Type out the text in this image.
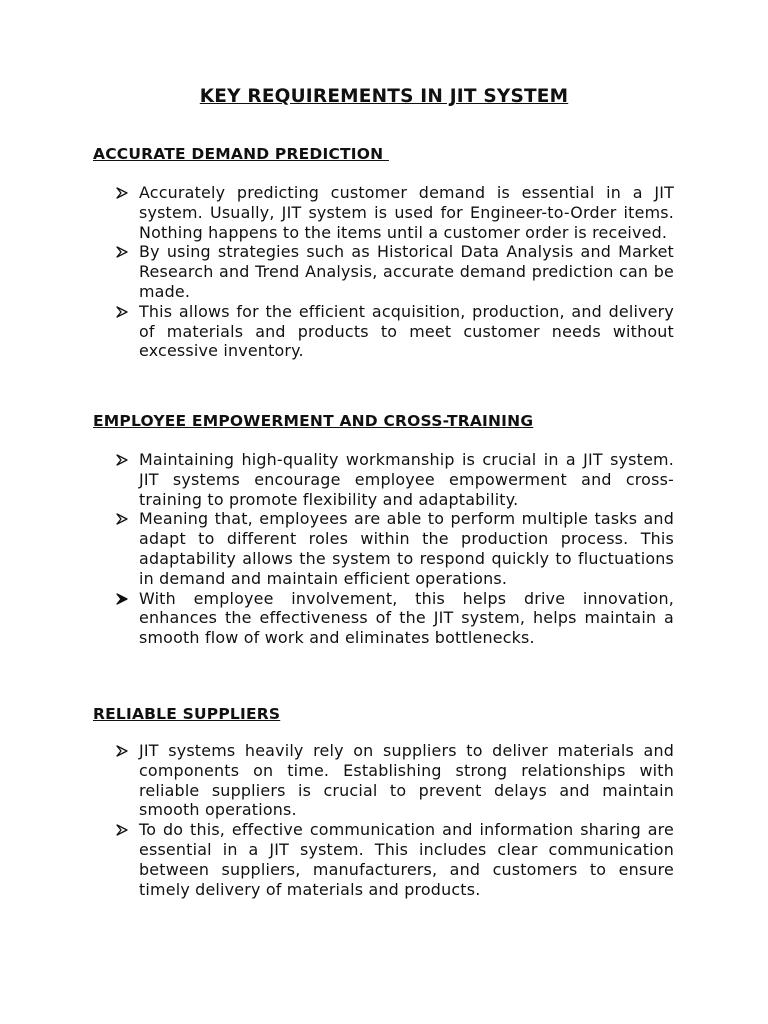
KEY REQUIREMENTS IN JIT SYSTEM
ACCURATE DEMAND PREDICTION
Accurately predicting customer demand is essential in a JIT system. Usually, JIT system is used for Engineer-to-Order items. Nothing happens to the items until a customer order is received.
By using strategies such as Historical Data Analysis and Market Research and Trend Analysis, accurate demand prediction can be made.
This allows for the efficient acquisition, production, and delivery of materials and products to meet customer needs without excessive inventory.
EMPLOYEE EMPOWERMENT AND CROSS-TRAINING
Maintaining high-quality workmanship is crucial in a JIT system. JIT systems encourage employee empowerment and cross-training to promote flexibility and adaptability.
Meaning that, employees are able to perform multiple tasks and adapt to different roles within the production process. This adaptability allows the system to respond quickly to fluctuations in demand and maintain efficient operations.
With employee involvement, this helps drive innovation, enhances the effectiveness of the JIT system, helps maintain a smooth flow of work and eliminates bottlenecks.
RELIABLE SUPPLIERS
JIT systems heavily rely on suppliers to deliver materials and components on time. Establishing strong relationships with reliable suppliers is crucial to prevent delays and maintain smooth operations.
To do this, effective communication and information sharing are essential in a JIT system. This includes clear communication between suppliers, manufacturers, and customers to ensure timely delivery of materials and products.
